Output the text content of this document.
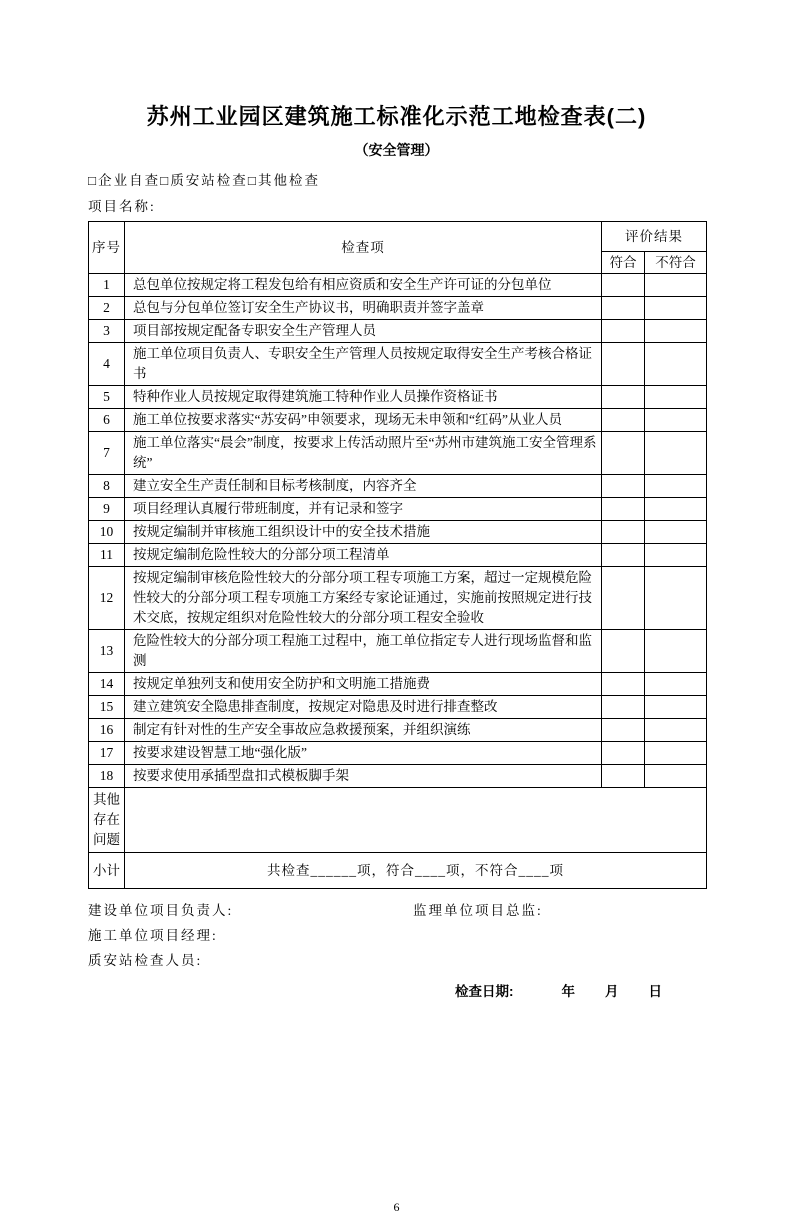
苏州工业园区建筑施工标准化示范工地检查表(二)
（安全管理）
□企业自查□质安站检查□其他检查
项目名称:
序号	检查项	评价结果	
		符合	不符合
1	总包单位按规定将工程发包给有相应资质和安全生产许可证的分包单位		
2	总包与分包单位签订安全生产协议书，明确职责并签字盖章		
3	项目部按规定配备专职安全生产管理人员		
4	施工单位项目负责人、专职安全生产管理人员按规定取得安全生产考核合格证书		
5	特种作业人员按规定取得建筑施工特种作业人员操作资格证书		
6	施工单位按要求落实“苏安码”申领要求，现场无未申领和“红码”从业人员		
7	施工单位落实“晨会”制度，按要求上传活动照片至“苏州市建筑施工安全管理系统”		
8	建立安全生产责任制和目标考核制度，内容齐全		
9	项目经理认真履行带班制度，并有记录和签字		
10	按规定编制并审核施工组织设计中的安全技术措施		
11	按规定编制危险性较大的分部分项工程清单		
12	按规定编制审核危险性较大的分部分项工程专项施工方案，超过一定规模危险性较大的分部分项工程专项施工方案经专家论证通过，实施前按照规定进行技术交底，按规定组织对危险性较大的分部分项工程安全验收		
13	危险性较大的分部分项工程施工过程中，施工单位指定专人进行现场监督和监测		
14	按规定单独列支和使用安全防护和文明施工措施费		
15	建立建筑安全隐患排查制度，按规定对隐患及时进行排查整改		
16	制定有针对性的生产安全事故应急救援预案，并组织演练		
17	按要求建设智慧工地“强化版”		
18	按要求使用承插型盘扣式模板脚手架		
其他存在问题			
小计	共检查______项，符合____项，不符合____项		
建设单位项目负责人:	监理单位项目总监:
施工单位项目经理:
质安站检查人员:
检查日期:	年 月 日
6
